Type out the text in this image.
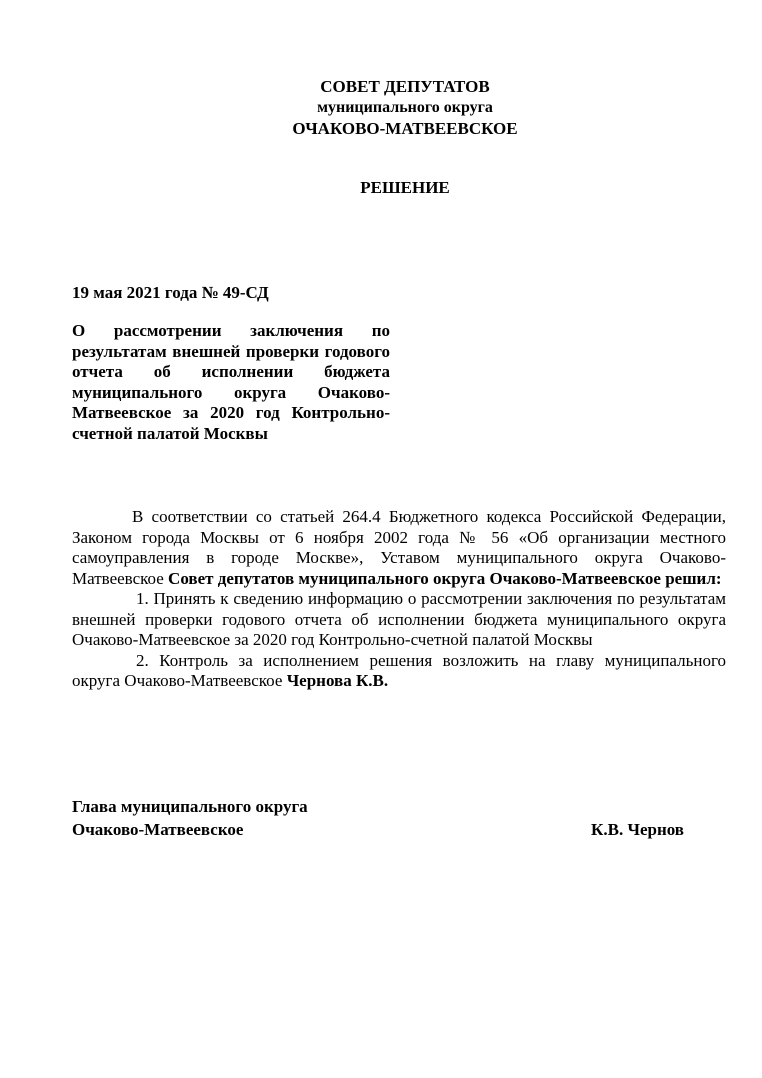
СОВЕТ ДЕПУТАТОВ
муниципального округа
ОЧАКОВО-МАТВЕЕВСКОЕ
РЕШЕНИЕ
19 мая 2021 года № 49-СД
О рассмотрении заключения по результатам внешней проверки годового отчета об исполнении бюджета муниципального округа Очаково-Матвеевское за 2020 год Контрольно-счетной палатой Москвы

В соответствии со статьей 264.4 Бюджетного кодекса Российской Федерации, Законом города Москвы от 6 ноября 2002 года № 56 «Об организации местного самоуправления в городе Москве», Уставом муниципального округа Очаково-Матвеевское Совет депутатов муниципального округа Очаково-Матвеевское решил:

1. Принять к сведению информацию о рассмотрении заключения по результатам внешней проверки годового отчета об исполнении бюджета муниципального округа Очаково-Матвеевское за 2020 год Контрольно-счетной палатой Москвы

2. Контроль за исполнением решения возложить на главу муниципального округа Очаково-Матвеевское Чернова К.В.

Глава муниципального округа
Очаково-Матвеевское	К.В. Чернов
